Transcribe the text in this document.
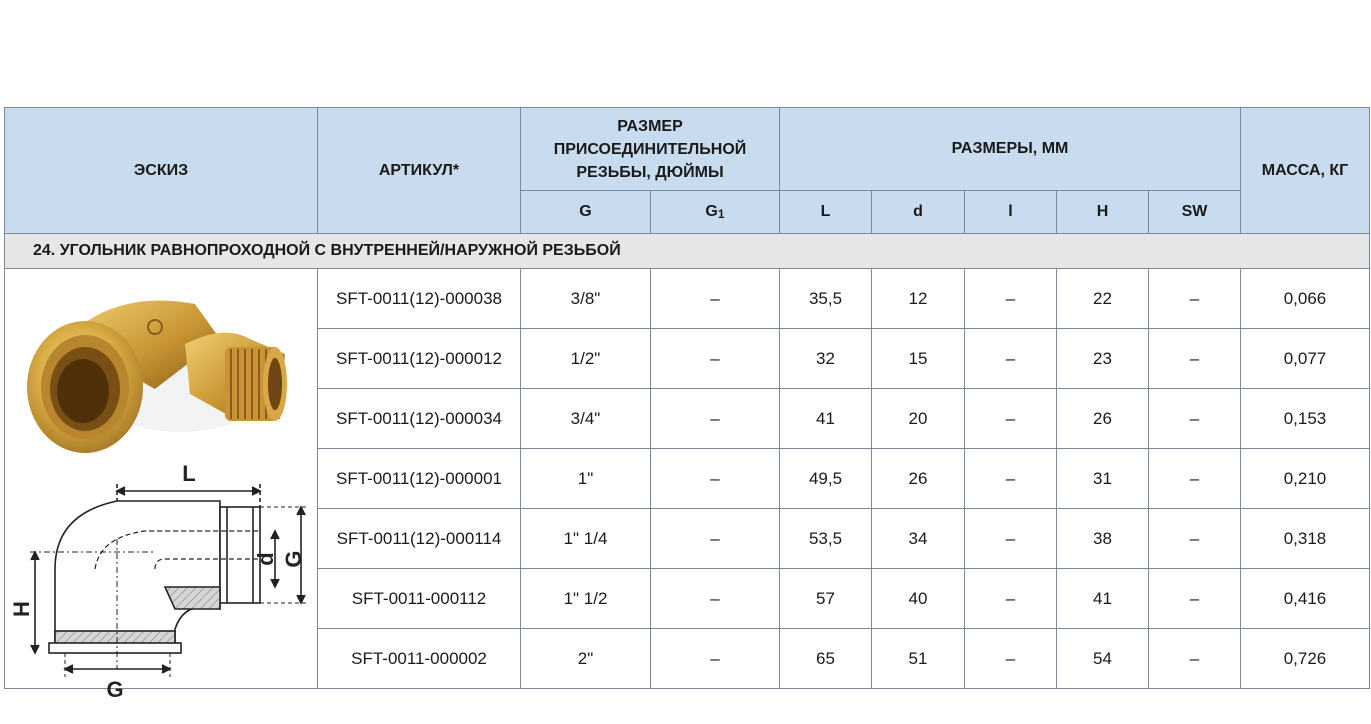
ЭСКИЗ	АРТИКУЛ*	РАЗМЕР ПРИСОЕДИНИТЕЛЬНОЙ РЕЗЬБЫ, ДЮЙМЫ		РАЗМЕРЫ, ММ					МАССА, КГ
		G	G1	L	d	l	H	SW	
24. УГОЛЬНИК РАВНОПРОХОДНОЙ С ВНУТРЕННЕЙ/НАРУЖНОЙ РЕЗЬБОЙ									

L
d G
H
G	SFT-0011(12)-000038	3/8"	–	35,5	12	–	22	–	0,066
	SFT-0011(12)-000012	1/2"	–	32	15	–	23	–	0,077
	SFT-0011(12)-000034	3/4"	–	41	20	–	26	–	0,153
	SFT-0011(12)-000001	1"	–	49,5	26	–	31	–	0,210
	SFT-0011(12)-000114	1" 1/4	–	53,5	34	–	38	–	0,318
	SFT-0011-000112	1" 1/2	–	57	40	–	41	–	0,416
	SFT-0011-000002	2"	–	65	51	–	54	–	0,726
